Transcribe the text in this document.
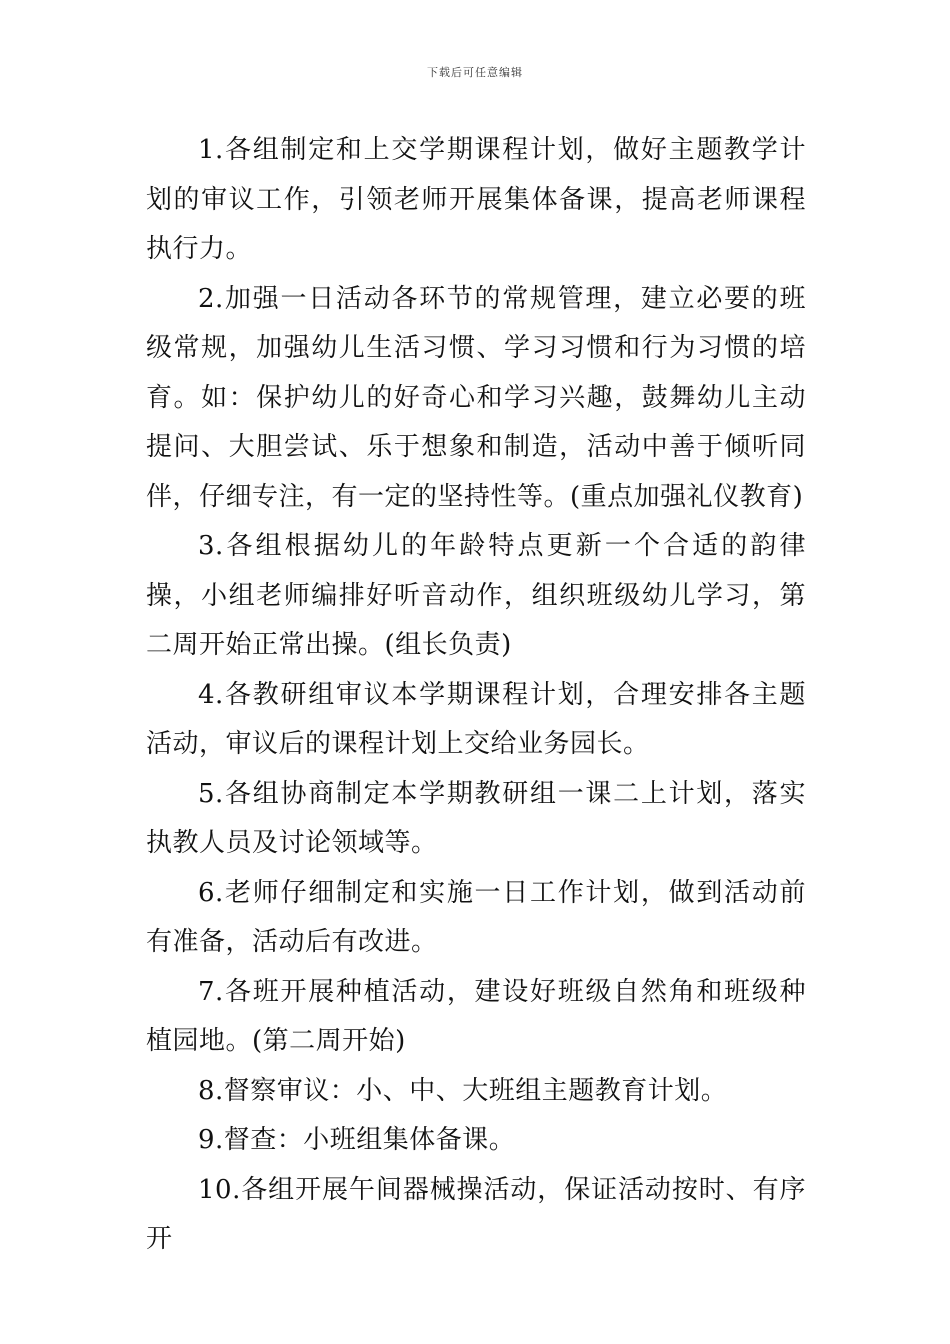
下载后可任意编辑

1.各组制定和上交学期课程计划，做好主题教学计划的审议工作，引领老师开展集体备课，提高老师课程执行力。

2.加强一日活动各环节的常规管理，建立必要的班级常规，加强幼儿生活习惯、学习习惯和行为习惯的培育。如：保护幼儿的好奇心和学习兴趣，鼓舞幼儿主动提问、大胆尝试、乐于想象和制造，活动中善于倾听同伴，仔细专注，有一定的坚持性等。(重点加强礼仪教育)

3.各组根据幼儿的年龄特点更新一个合适的韵律操，小组老师编排好听音动作，组织班级幼儿学习，第二周开始正常出操。(组长负责)

4.各教研组审议本学期课程计划，合理安排各主题活动，审议后的课程计划上交给业务园长。

5.各组协商制定本学期教研组一课二上计划，落实执教人员及讨论领域等。

6.老师仔细制定和实施一日工作计划，做到活动前有准备，活动后有改进。

7.各班开展种植活动，建设好班级自然角和班级种植园地。(第二周开始)

8.督察审议：小、中、大班组主题教育计划。

9.督查：小班组集体备课。

10.各组开展午间器械操活动，保证活动按时、有序开
